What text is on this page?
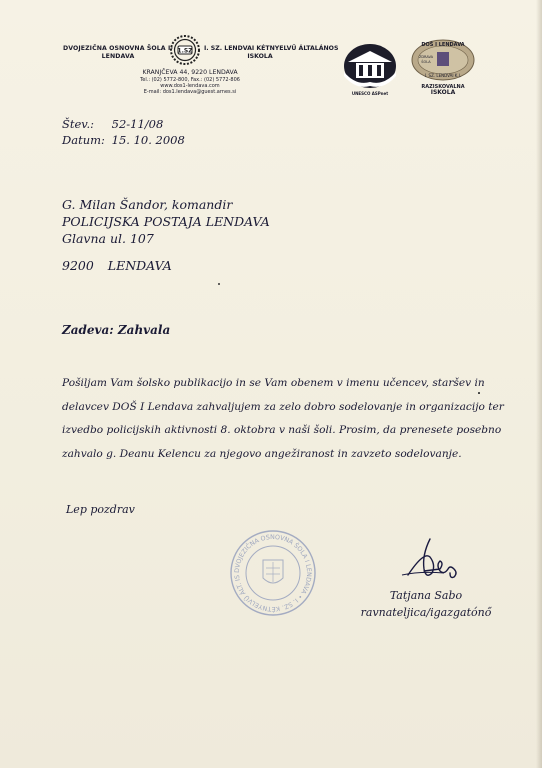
DVOJEZIČNA OSNOVNA ŠOLA I-
LENDAVA
1.SZ I. SZ. LENDVAI KÉTNYELVŰ ÁLTALÁNOS
ISKOLA
KRANJČEVA 44, 9220 LENDAVA
Tel.: (02) 5772-800, Fax.: (02) 5772-806
www.dos1-lendava.com
E-mail: dos1.lendava@guest.arnes.si	UNESCO ASPnet
DOŠ I LENDAVA
ZDRAVA
ŠOLA
I. SZ. LENDVAI K.I.
RAZISKOVALNA
ISKOLA
Štev.: 52-11/08
Datum: 15. 10. 2008
G. Milan Šandor, komandir
POLICIJSKA POSTAJA LENDAVA
Glavna ul. 107
9200 LENDAVA
Zadeva: Zahvala
Pošiljam Vam šolsko publikacijo in se Vam obenem v imenu učencev, staršev in
delavcev DOŠ I Lendava zahvaljujem za zelo dobro sodelovanje in organizacijo ter
izvedbo policijskih aktivnosti 8. oktobra v naši šoli. Prosim, da prenesete posebno
zahvalo g. Deanu Kelencu za njegovo angežiranost in zavzeto sodelovanje.
Lep pozdrav
DVOJEZIČNA OSNOVNA ŠOLA I LENDAVA • I. SZ. KÉTNYELVŰ ÁLT. IS
Tatjana Sabo
ravnateljica/igazgatónő
